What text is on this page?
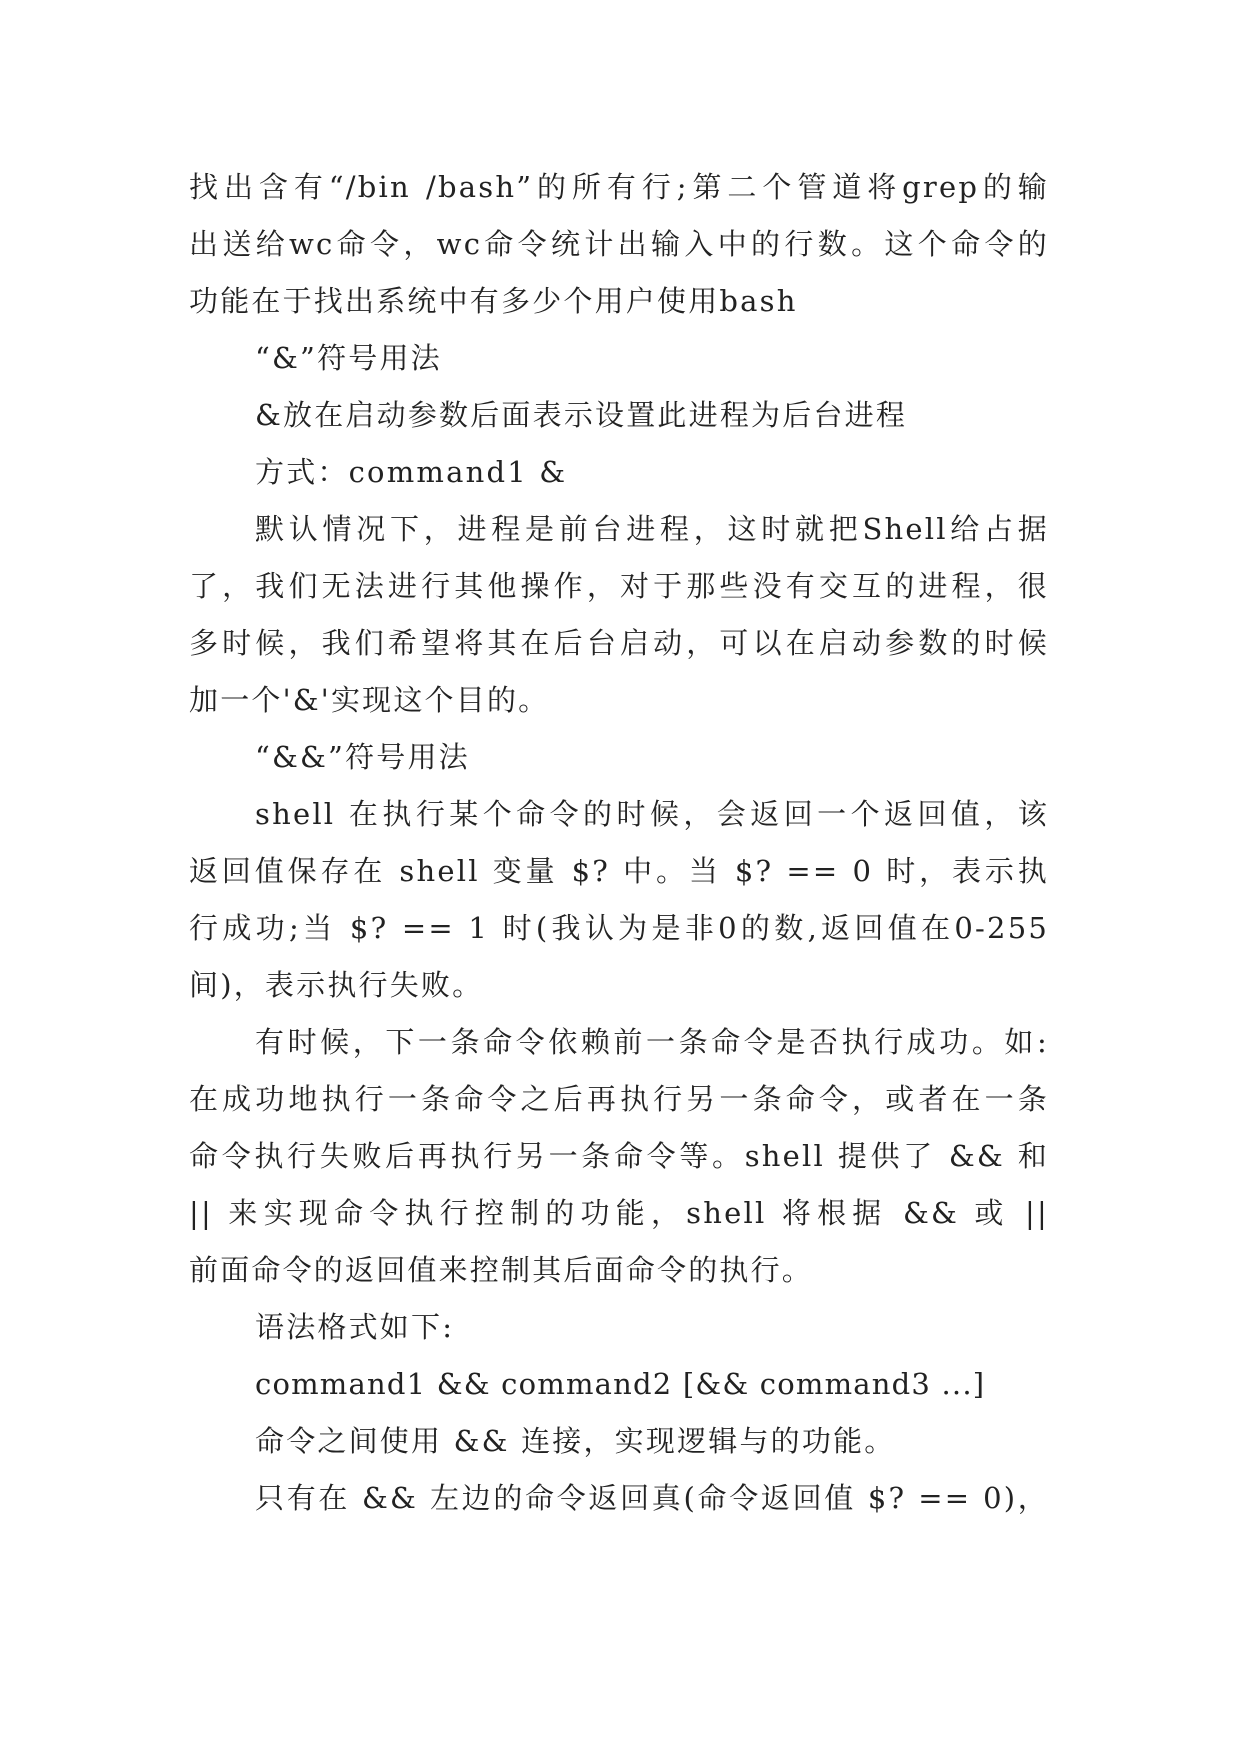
找出含有“/bin /bash”的所有行;第二个管道将grep的输
出送给wc命令，wc命令统计出输入中的行数。这个命令的
功能在于找出系统中有多少个用户使用bash
“&”符号用法
&放在启动参数后面表示设置此进程为后台进程
方式：command1 &
默认情况下，进程是前台进程，这时就把Shell给占据
了，我们无法进行其他操作，对于那些没有交互的进程，很
多时候，我们希望将其在后台启动，可以在启动参数的时候
加一个'&'实现这个目的。
“&&”符号用法
shell 在执行某个命令的时候，会返回一个返回值，该
返回值保存在 shell 变量 $? 中。当 $? == 0 时，表示执
行成功;当 $? == 1 时(我认为是非0的数,返回值在0-255
间)，表示执行失败。
有时候，下一条命令依赖前一条命令是否执行成功。如:
在成功地执行一条命令之后再执行另一条命令，或者在一条
命令执行失败后再执行另一条命令等。shell 提供了 && 和
|| 来实现命令执行控制的功能，shell 将根据 && 或 ||
前面命令的返回值来控制其后面命令的执行。
语法格式如下:
command1 && command2 [&& command3 ...]
命令之间使用 && 连接，实现逻辑与的功能。
只有在 && 左边的命令返回真(命令返回值 $? == 0)，
